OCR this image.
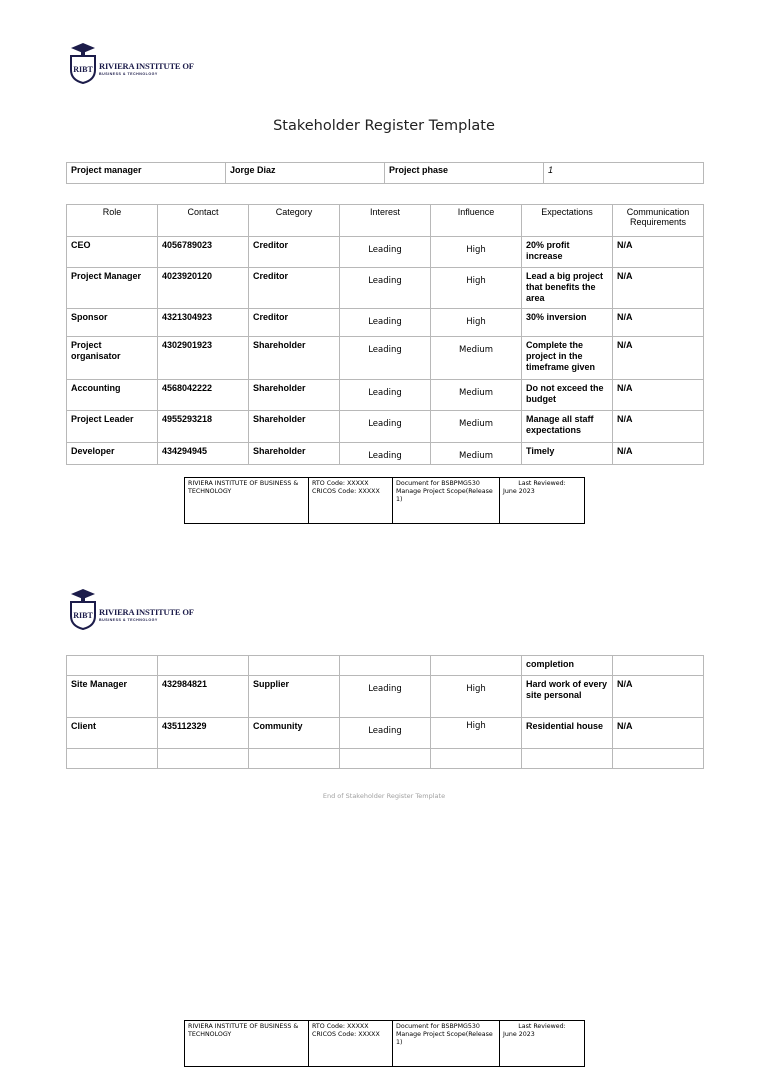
RIBT RIVIERA INSTITUTE OF
BUSINESS & TECHNOLOGY
Stakeholder Register Template
Project manager	Jorge Diaz	Project phase	1
Role	Contact	Category	Interest	Influence	Expectations	Communication Requirements
CEO	4056789023	Creditor	Leading	High	20% profit increase	N/A
Project Manager	4023920120	Creditor	Leading	High	Lead a big project that benefits the area	N/A
Sponsor	4321304923	Creditor	Leading	High	30% inversion	N/A
Project organisator	4302901923	Shareholder	Leading	Medium	Complete the project in the timeframe given	N/A
Accounting	4568042222	Shareholder	Leading	Medium	Do not exceed the budget	N/A
Project Leader	4955293218	Shareholder	Leading	Medium	Manage all staff expectations	N/A
Developer	434294945	Shareholder	Leading	Medium	Timely	N/A
RIVIERA INSTITUTE OF BUSINESS & TECHNOLOGY	
RTO Code: XXXXX
CRICOS Code: XXXXX
	Document for BSBPMG530 Manage Project Scope(Release 1)	
Last Reviewed:
June 2023
RIBT RIVIERA INSTITUTE OF
BUSINESS & TECHNOLOGY
					completion	
Site Manager	432984821	Supplier	Leading	High	Hard work of every site personal	N/A
Client	435112329	Community	Leading	High	Residential house	N/A

End of Stakeholder Register Template
RIVIERA INSTITUTE OF BUSINESS & TECHNOLOGY	
RTO Code: XXXXX
CRICOS Code: XXXXX
	Document for BSBPMG530 Manage Project Scope(Release 1)	
Last Reviewed:
June 2023
